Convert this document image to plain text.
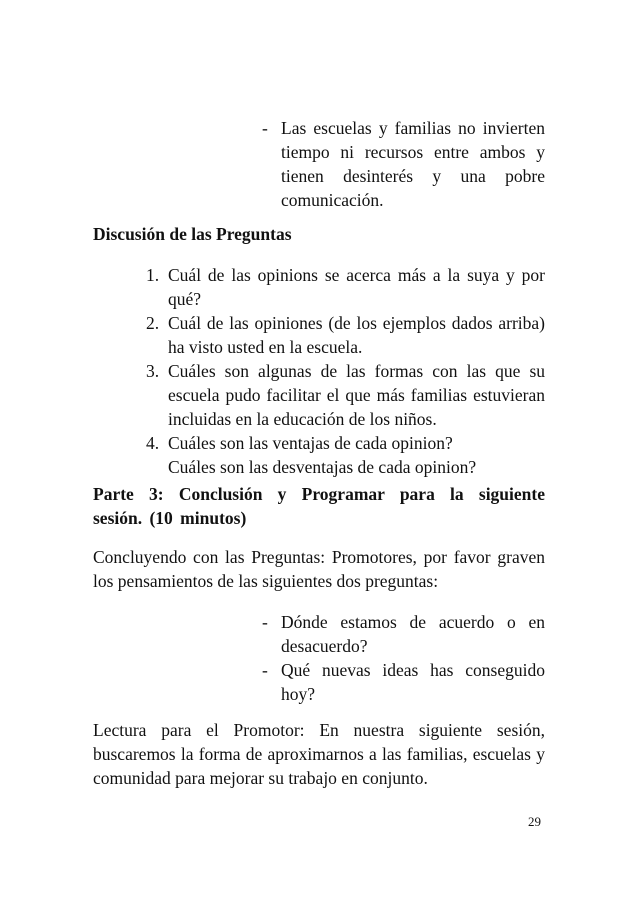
- Las escuelas y familias no invierten tiempo ni recursos entre ambos y tienen desinterés y una pobre comunicación.
Discusión de las Preguntas
1. Cuál de las opinions se acerca más a la suya y por qué?
2. Cuál de las opiniones (de los ejemplos dados arriba) ha visto usted en la escuela.
3. Cuáles son algunas de las formas con las que su escuela pudo facilitar el que más familias estuvieran incluidas en la educación de los niños.
4. Cuáles son las ventajas de cada opinion?
Cuáles son las desventajas de cada opinion?
Parte 3: Conclusión y Programar para la siguiente sesión. (10 minutos)
Concluyendo con las Preguntas: Promotores, por favor graven los pensamientos de las siguientes dos preguntas:
- Dónde estamos de acuerdo o en desacuerdo?
- Qué nuevas ideas has conseguido hoy?
Lectura para el Promotor: En nuestra siguiente sesión, buscaremos la forma de aproximarnos a las familias, escuelas y comunidad para mejorar su trabajo en conjunto.
29
